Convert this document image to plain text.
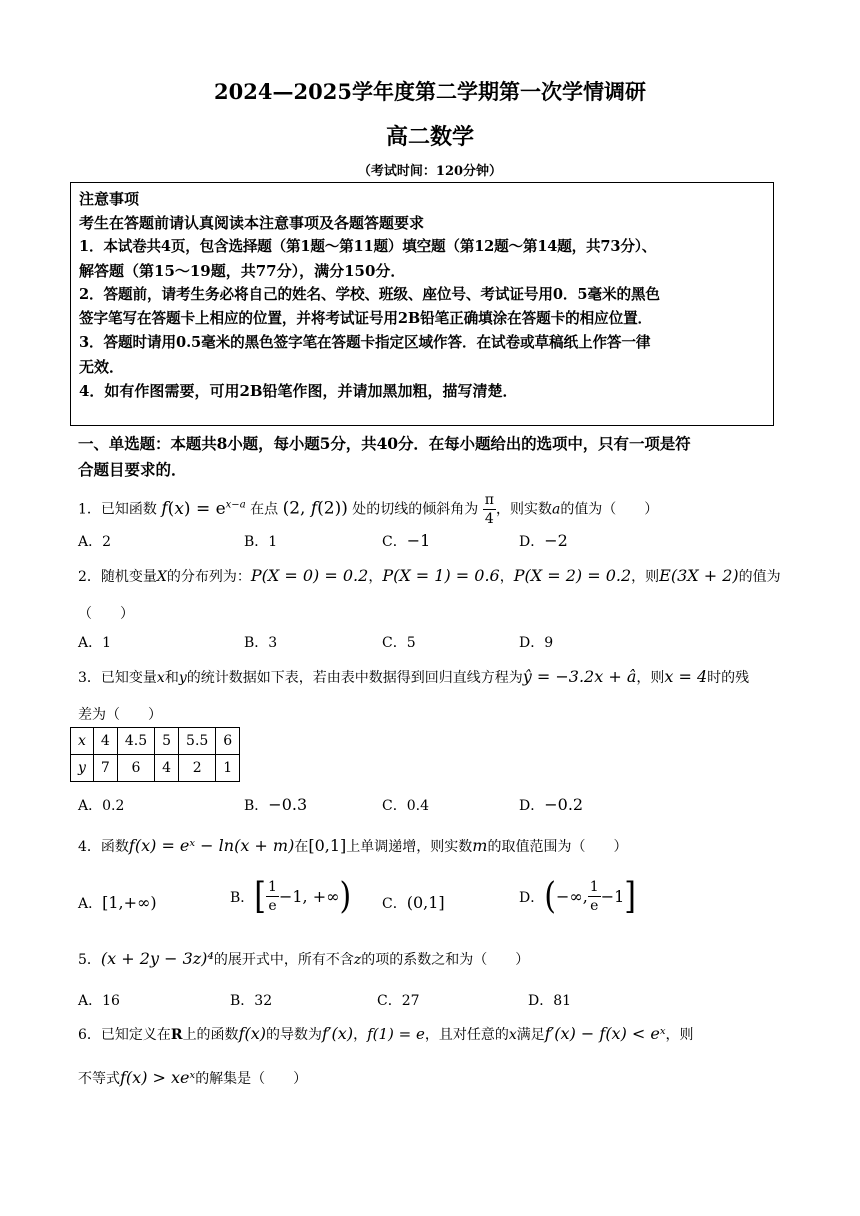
2024—2025学年度第二学期第一次学情调研
高二数学
（考试时间：120分钟）

注意事项

考生在答题前请认真阅读本注意事项及各题答题要求

1．本试卷共4页，包含选择题（第1题～第11题）填空题（第12题～第14题，共73分）、

解答题（第15～19题，共77分），满分150分．

2．答题前，请考生务必将自己的姓名、学校、班级、座位号、考试证号用0．5毫米的黑色

签字笔写在答题卡上相应的位置，并将考试证号用2B铅笔正确填涂在答题卡的相应位置．

3．答题时请用0.5毫米的黑色签字笔在答题卡指定区域作答．在试卷或草稿纸上作答一律

无效．

4．如有作图需要，可用2B铅笔作图，并请加黑加粗，描写清楚．

一、单选题：本题共8小题，每小题5分，共40分．在每小题给出的选项中，只有一项是符
合题目要求的．
1．已知函数 $f(x) = e^{x-a}$ 在点 (2, f(2)) 处的切线的倾斜角为 $\frac{\pi}{4}$ ，则实数a的值为（　　）
A．2	B．1	C．−1	D．−2
2．随机变量X的分布列为：P(X = 0) = 0.2，P(X = 1) = 0.6，P(X = 2) = 0.2，则E(3X + 2)的值为
（　　）
A．1	B．3	C．5	D．9
3．已知变量x和y的统计数据如下表，若由表中数据得到回归直线方程为ŷ = −3.2x + â，则x = 4时的残
差为（　　）
x	4	4.5	5	5.5	6
y	7	6	4	2	1
A．0.2	B．−0.3	C．0.4	D．−0.2
4．函数f(x) = eˣ − ln(x + m)在[0,1]上单调递增，则实数m的取值范围为（　　）
A．[1,+∞)	B． [ $\frac{1}{e} -1$, +∞ ) C．(0,1]	D． ( −∞, $\frac{1}{e} -1$ ]
5．(x + 2y − 3z)⁴的展开式中，所有不含z的项的系数之和为（　　）
A．16	B．32	C．27	D．81
6．已知定义在R上的函数f(x)的导数为f′(x)，f(1) = e，且对任意的x满足f′(x) − f(x) < eˣ，则
不等式f(x) > xeˣ的解集是（　　）
